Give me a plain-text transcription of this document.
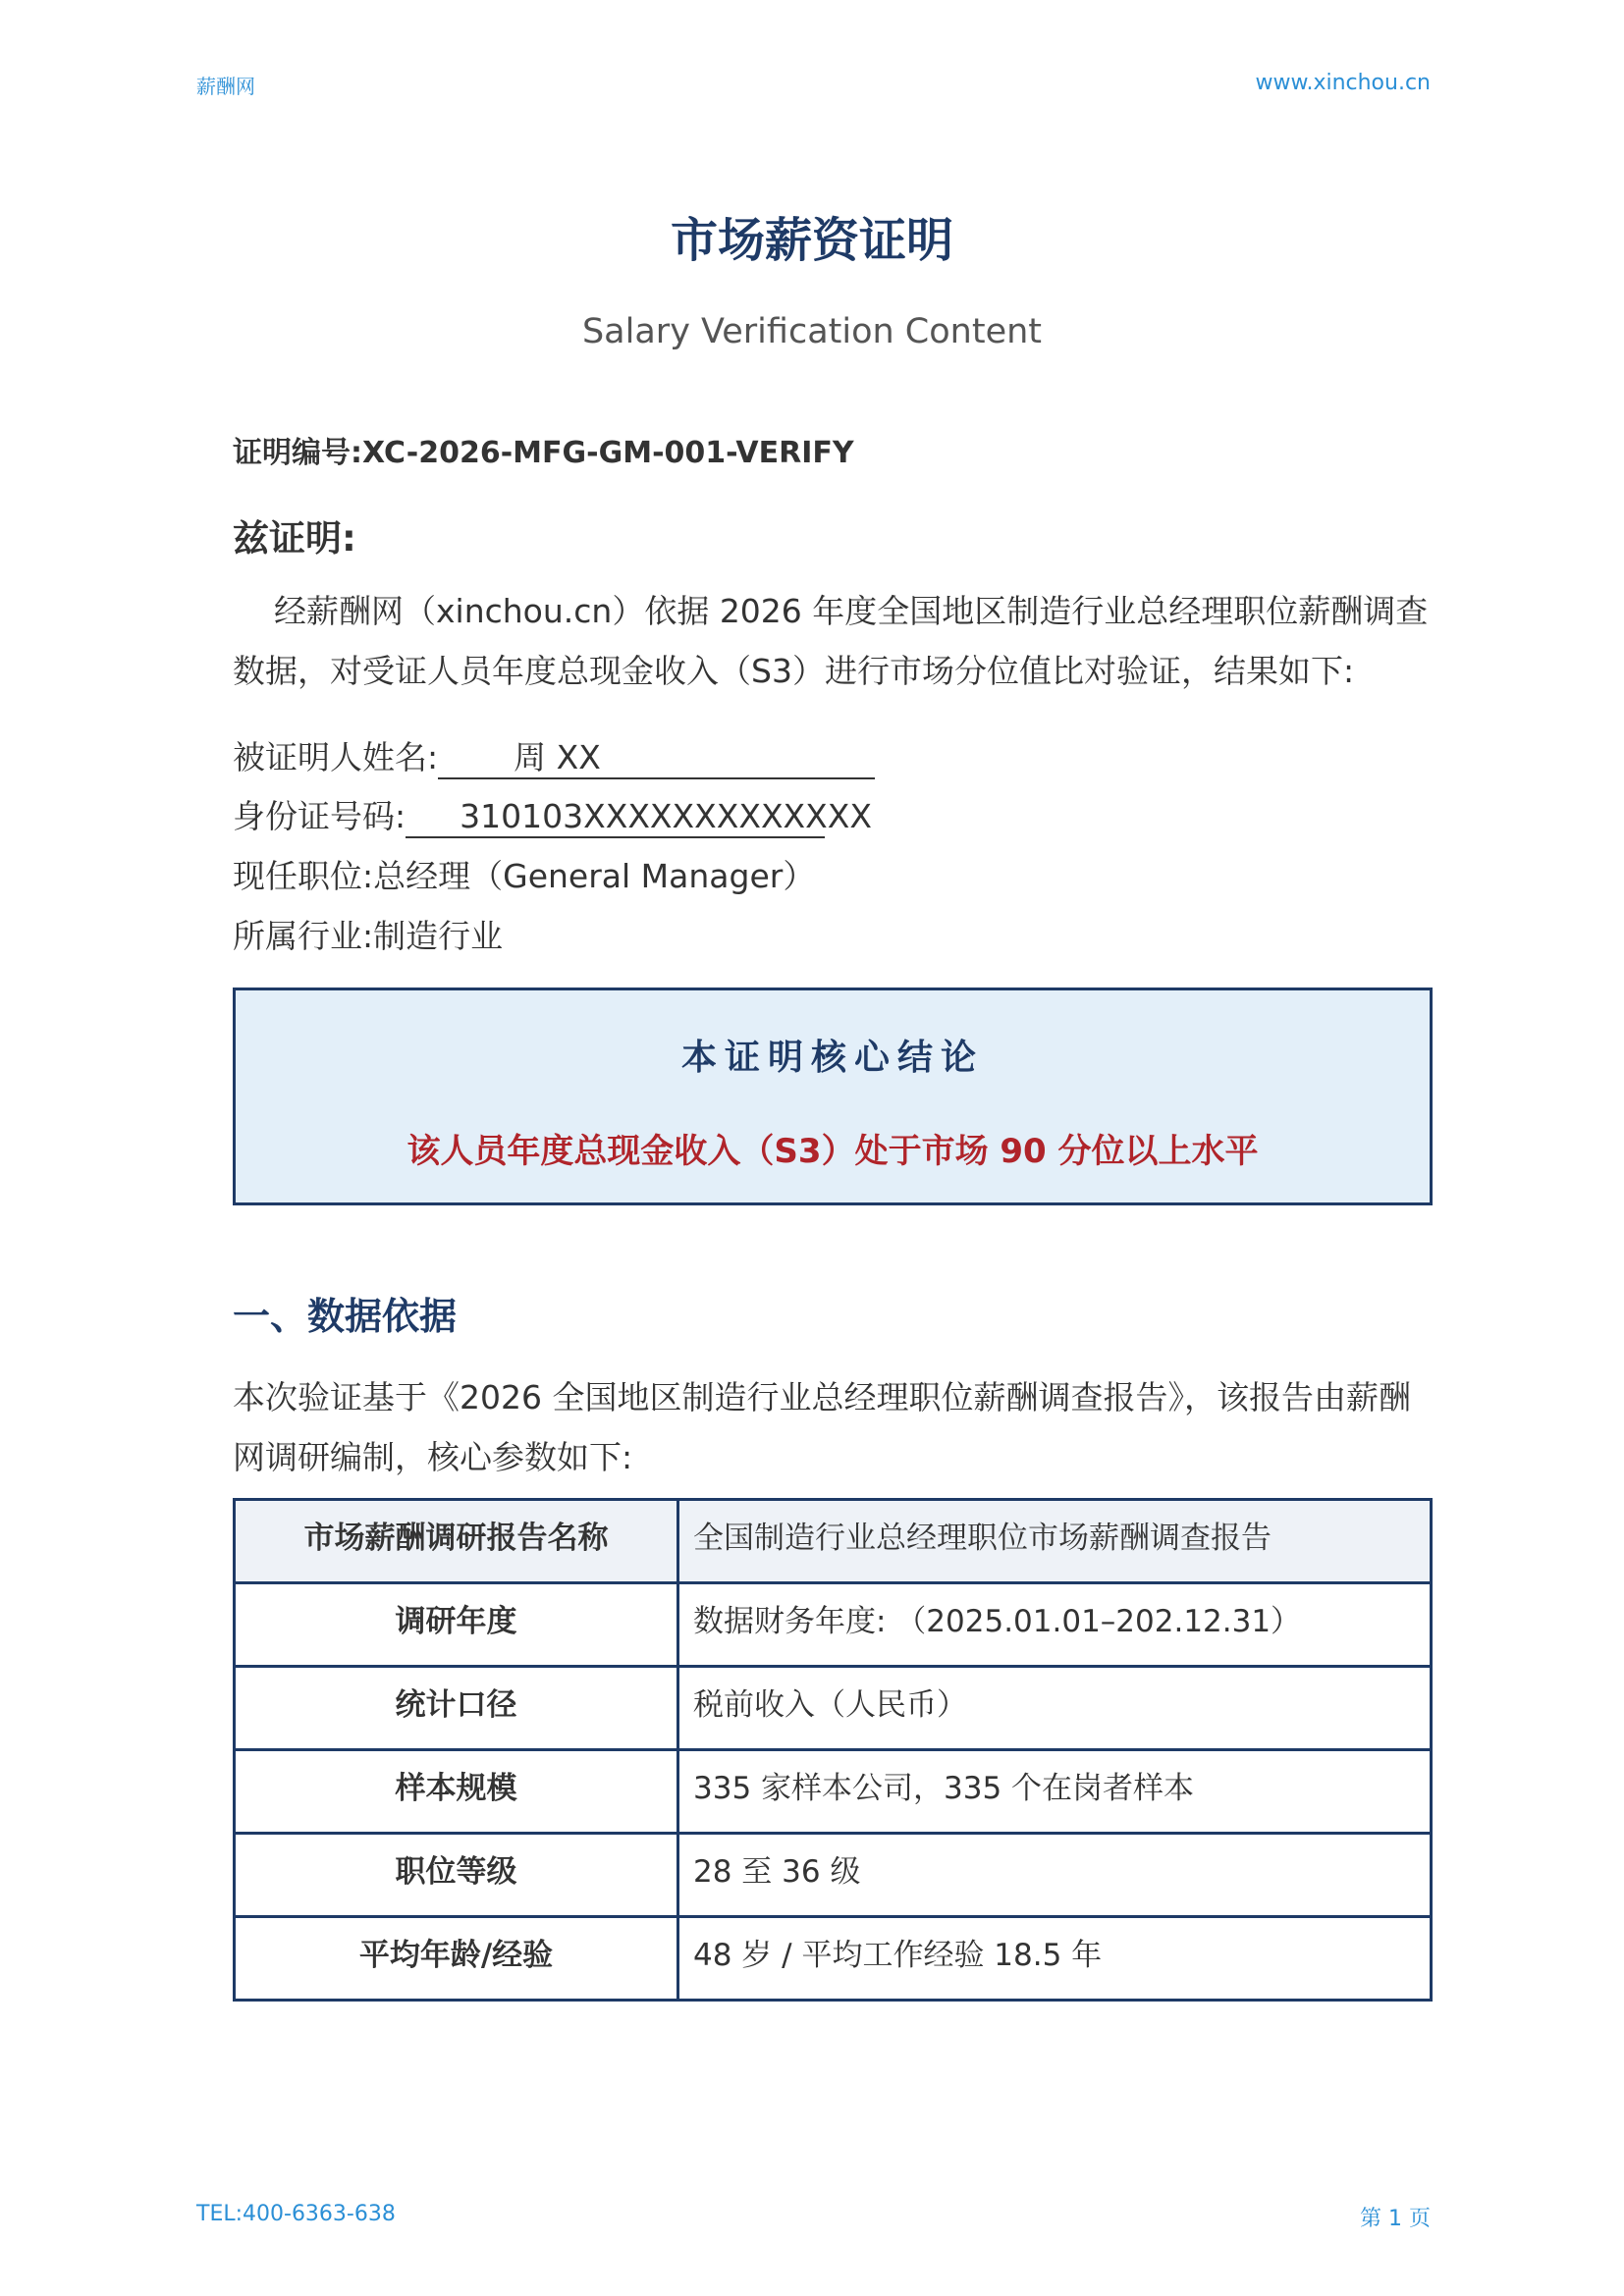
薪酬网	www.xinchou.cn
市场薪资证明
Salary Verification Content
证明编号:XC-2026-MFG-GM-001-VERIFY
兹证明:
经薪酬网（xinchou.cn）依据 2026 年度全国地区制造行业总经理职位薪酬调查数据，对受证人员年度总现金收入（S3）进行市场分位值比对验证，结果如下:
被证明人姓名: 周 XX
身份证号码: 310103XXXXXXXXXXXXX
现任职位:总经理（General Manager）
所属行业:制造行业
本证明核心结论
该人员年度总现金收入（S3）处于市场 90 分位以上水平
一、数据依据
本次验证基于《2026 全国地区制造行业总经理职位薪酬调查报告》，该报告由薪酬网调研编制，核心参数如下:
市场薪酬调研报告名称	全国制造行业总经理职位市场薪酬调查报告
调研年度	数据财务年度: （2025.01.01–202.12.31）
统计口径	税前收入（人民币）
样本规模	335 家样本公司，335 个在岗者样本
职位等级	28 至 36 级
平均年龄/经验	48 岁 / 平均工作经验 18.5 年
TEL:400-6363-638	第 1 页
